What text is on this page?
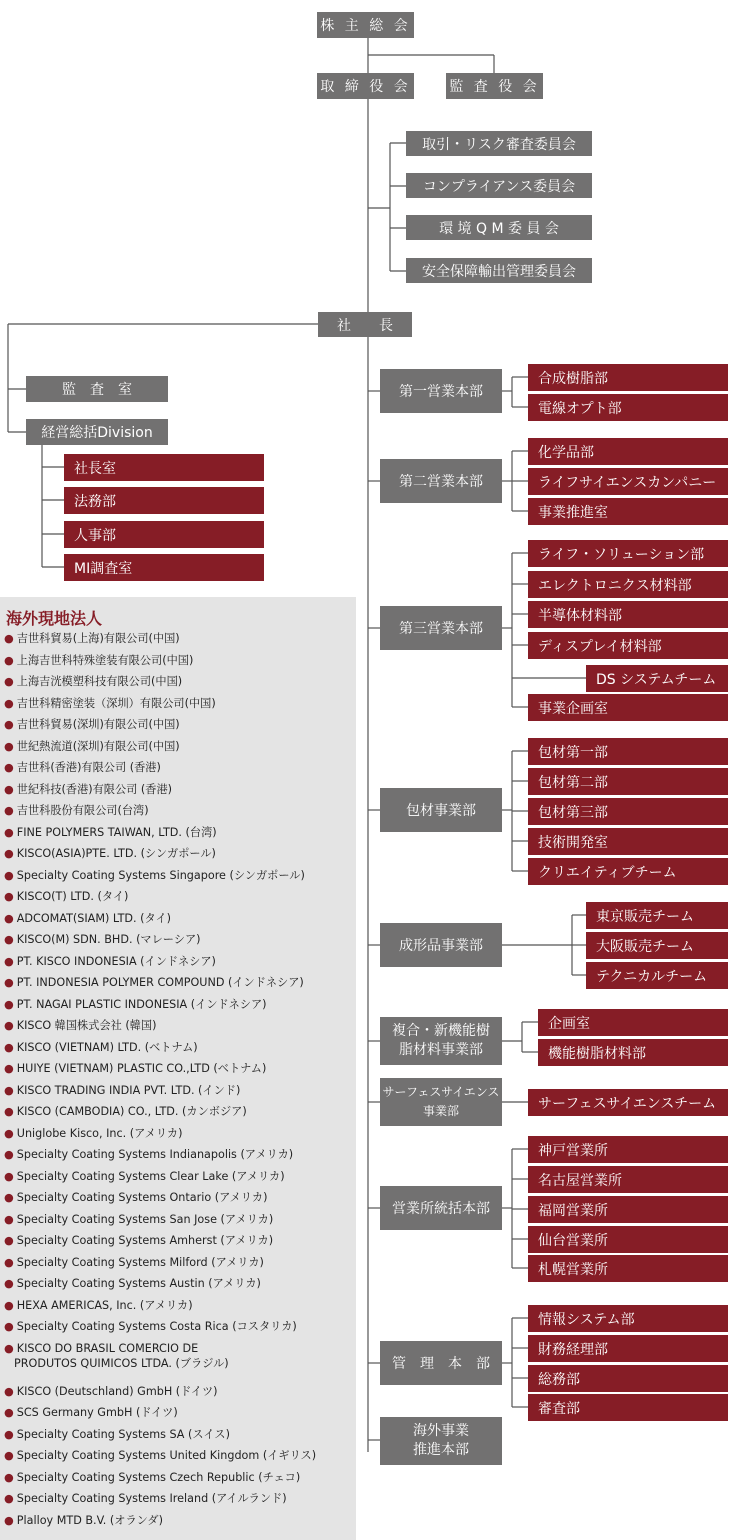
株 主 総 会
取 締 役 会	監 査 役 会
取引・リスク審査委員会
コンプライアンス委員会
環 境 Q M 委 員 会
安全保障輸出管理委員会
社　　長
監　査　室
経営総括Division
社長室
法務部
人事部
MI調査室
第一営業本部
第二営業本部
第三営業本部
包材事業部
成形品事業部
複合・新機能樹
脂材料事業部
サーフェスサイエンス
事業部
営業所統括本部
管　理　本　部
海外事業
推進本部
合成樹脂部
電線オプト部
化学品部
ライフサイエンスカンパニー
事業推進室
ライフ・ソリューション部
エレクトロニクス材料部
半導体材料部
ディスプレイ材料部
DS システムチーム
事業企画室
包材第一部
包材第二部
包材第三部
技術開発室
クリエイティブチーム
東京販売チーム
大阪販売チーム
テクニカルチーム
企画室
機能樹脂材料部
サーフェスサイエンスチーム
神戸営業所
名古屋営業所
福岡営業所
仙台営業所
札幌営業所
情報システム部
財務経理部
総務部
審査部
海外現地法人
● 吉世科貿易(上海)有限公司(中国)
● 上海吉世科特殊塗装有限公司(中国)
● 上海吉洸模塑科技有限公司(中国)
● 吉世科精密塗装（深圳）有限公司(中国)
● 吉世科貿易(深圳)有限公司(中国)
● 世紀熱流道(深圳)有限公司(中国)
● 吉世科(香港)有限公司 (香港)
● 世紀科技(香港)有限公司 (香港)
● 吉世科股份有限公司(台湾)
● FINE POLYMERS TAIWAN, LTD. (台湾)
● KISCO(ASIA)PTE. LTD. (シンガポール)
● Specialty Coating Systems Singapore (シンガポール)
● KISCO(T) LTD. (タイ)
● ADCOMAT(SIAM) LTD. (タイ)
● KISCO(M) SDN. BHD. (マレーシア)
● PT. KISCO INDONESIA (インドネシア)
● PT. INDONESIA POLYMER COMPOUND (インドネシア)
● PT. NAGAI PLASTIC INDONESIA (インドネシア)
● KISCO 韓国株式会社 (韓国)
● KISCO (VIETNAM) LTD. (ベトナム)
● HUIYE (VIETNAM) PLASTIC CO.,LTD (ベトナム)
● KISCO TRADING INDIA PVT. LTD. (インド)
● KISCO (CAMBODIA) CO., LTD. (カンボジア)
● Uniglobe Kisco, Inc. (アメリカ)
● Specialty Coating Systems Indianapolis (アメリカ)
● Specialty Coating Systems Clear Lake (アメリカ)
● Specialty Coating Systems Ontario (アメリカ)
● Specialty Coating Systems San Jose (アメリカ)
● Specialty Coating Systems Amherst (アメリカ)
● Specialty Coating Systems Milford (アメリカ)
● Specialty Coating Systems Austin (アメリカ)
● HEXA AMERICAS, Inc. (アメリカ)
● Specialty Coating Systems Costa Rica (コスタリカ)
● KISCO DO BRASIL COMERCIO DE
PRODUTOS QUIMICOS LTDA. (ブラジル)
● KISCO (Deutschland) GmbH (ドイツ)
● SCS Germany GmbH (ドイツ)
● Specialty Coating Systems SA (スイス)
● Specialty Coating Systems United Kingdom (イギリス)
● Specialty Coating Systems Czech Republic (チェコ)
● Specialty Coating Systems Ireland (アイルランド)
● Plalloy MTD B.V. (オランダ)
